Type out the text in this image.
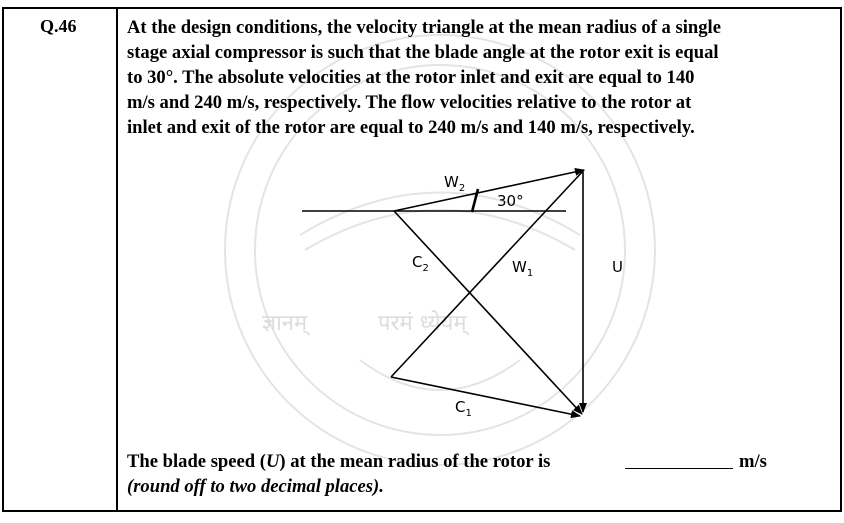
ज्ञानम्	परमं ध्येयम्
$W_2$
30°
$C_2$	$W_1$	U
$C_1$
Q.46	At the design conditions, the velocity triangle at the mean radius of a single
stage axial compressor is such that the blade angle at the rotor exit is equal
to 30°. The absolute velocities at the rotor inlet and exit are equal to 140
m/s and 240 m/s, respectively. The flow velocities relative to the rotor at
inlet and exit of the rotor are equal to 240 m/s and 140 m/s, respectively.
The blade speed (U) at the mean radius of the rotor is	m/s
(round off to two decimal places).
